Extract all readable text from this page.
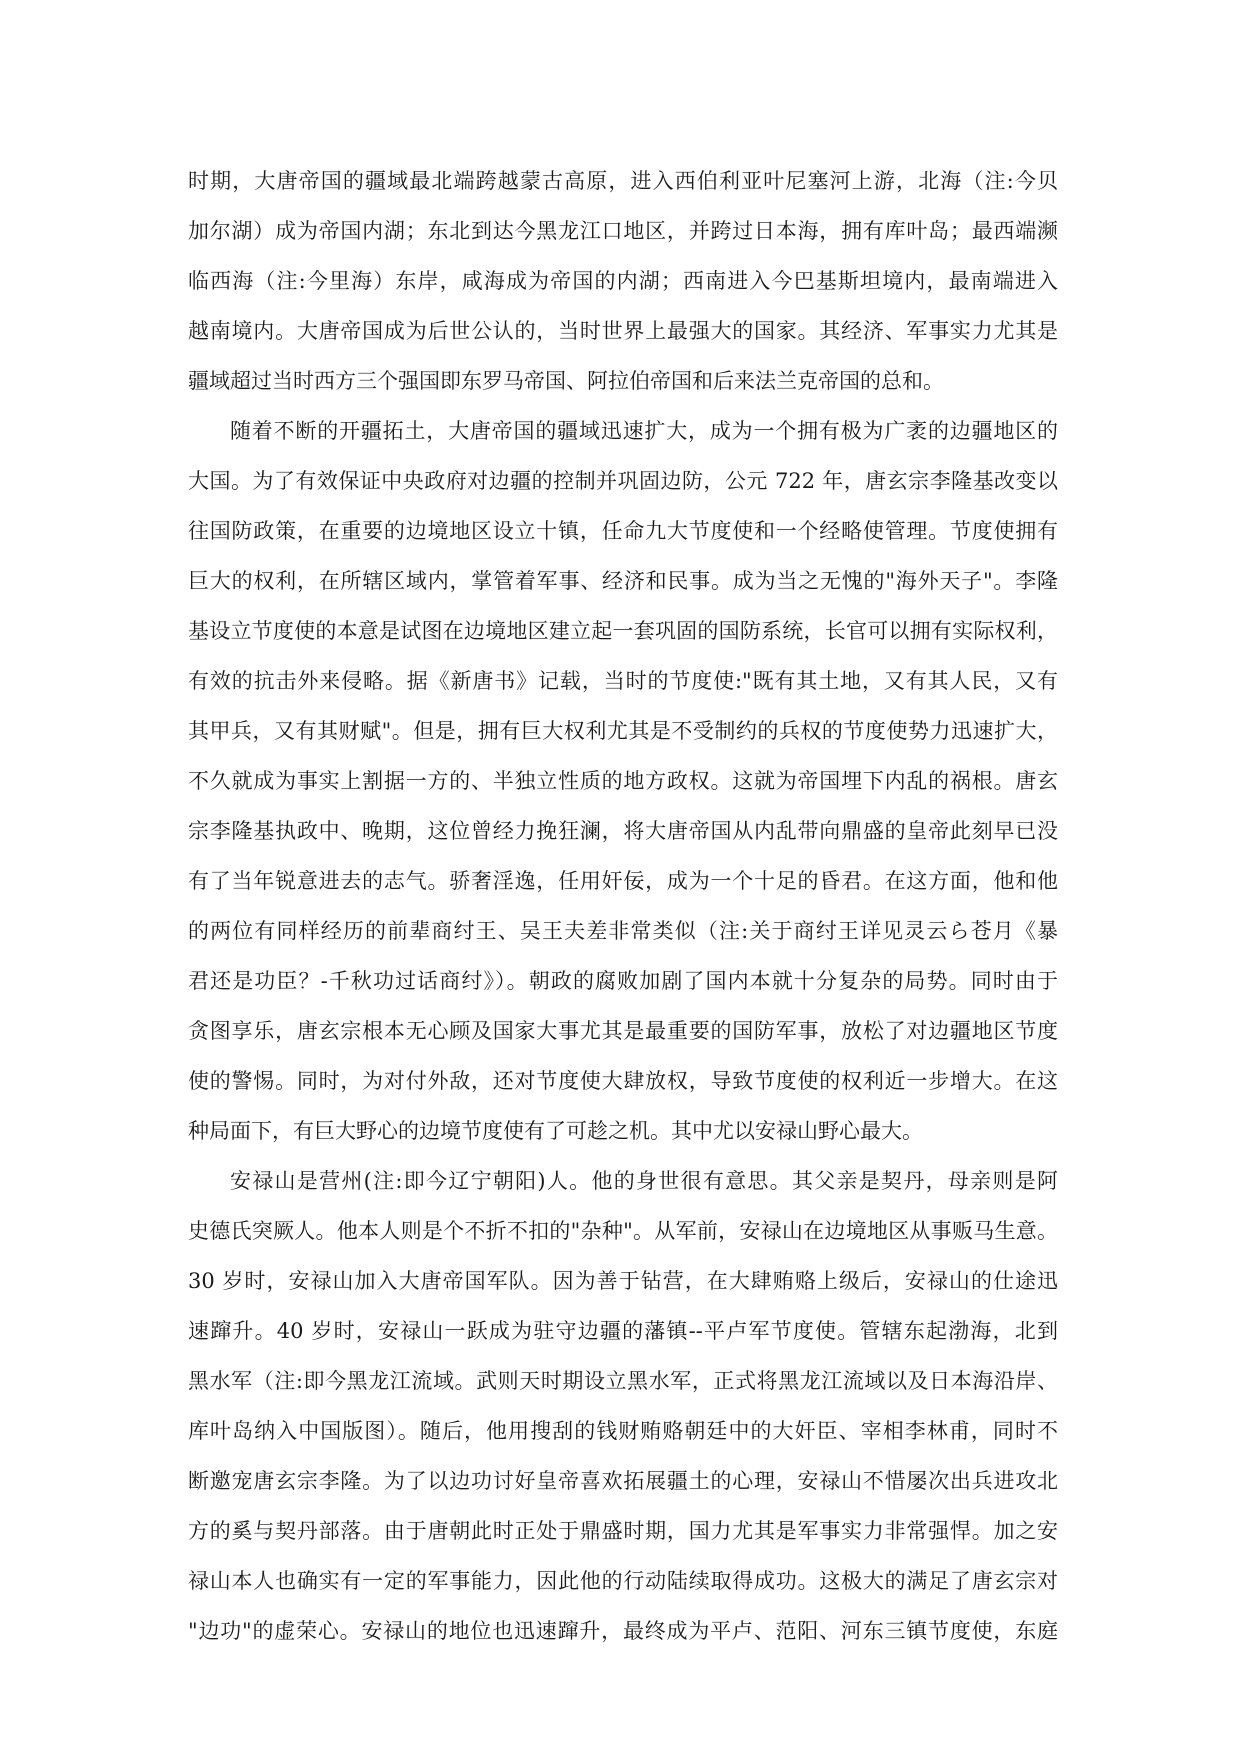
时期，大唐帝国的疆域最北端跨越蒙古高原，进入西伯利亚叶尼塞河上游，北海（注:今贝
加尔湖）成为帝国内湖；东北到达今黑龙江口地区，并跨过日本海，拥有库叶岛；最西端濒
临西海（注:今里海）东岸，咸海成为帝国的内湖；西南进入今巴基斯坦境内，最南端进入
越南境内。大唐帝国成为后世公认的，当时世界上最强大的国家。其经济、军事实力尤其是
疆域超过当时西方三个强国即东罗马帝国、阿拉伯帝国和后来法兰克帝国的总和。
随着不断的开疆拓土，大唐帝国的疆域迅速扩大，成为一个拥有极为广袤的边疆地区的
大国。为了有效保证中央政府对边疆的控制并巩固边防，公元 722 年，唐玄宗李隆基改变以
往国防政策，在重要的边境地区设立十镇，任命九大节度使和一个经略使管理。节度使拥有
巨大的权利，在所辖区域内，掌管着军事、经济和民事。成为当之无愧的"海外天子"。李隆
基设立节度使的本意是试图在边境地区建立起一套巩固的国防系统，长官可以拥有实际权利，
有效的抗击外来侵略。据《新唐书》记载，当时的节度使:"既有其土地，又有其人民，又有
其甲兵，又有其财赋"。但是，拥有巨大权利尤其是不受制约的兵权的节度使势力迅速扩大，
不久就成为事实上割据一方的、半独立性质的地方政权。这就为帝国埋下内乱的祸根。唐玄
宗李隆基执政中、晚期，这位曾经力挽狂澜，将大唐帝国从内乱带向鼎盛的皇帝此刻早已没
有了当年锐意进去的志气。骄奢淫逸，任用奸佞，成为一个十足的昏君。在这方面，他和他
的两位有同样经历的前辈商纣王、吴王夫差非常类似（注:关于商纣王详见灵云ら苍月《暴
君还是功臣？-千秋功过话商纣》）。朝政的腐败加剧了国内本就十分复杂的局势。同时由于
贪图享乐，唐玄宗根本无心顾及国家大事尤其是最重要的国防军事，放松了对边疆地区节度
使的警惕。同时，为对付外敌，还对节度使大肆放权，导致节度使的权利近一步增大。在这
种局面下，有巨大野心的边境节度使有了可趁之机。其中尤以安禄山野心最大。
安禄山是营州(注:即今辽宁朝阳)人。他的身世很有意思。其父亲是契丹，母亲则是阿
史德氏突厥人。他本人则是个不折不扣的"杂种"。从军前，安禄山在边境地区从事贩马生意。
30 岁时，安禄山加入大唐帝国军队。因为善于钻营，在大肆贿赂上级后，安禄山的仕途迅
速蹿升。40 岁时，安禄山一跃成为驻守边疆的藩镇--平卢军节度使。管辖东起渤海，北到
黑水军（注:即今黑龙江流域。武则天时期设立黑水军，正式将黑龙江流域以及日本海沿岸、
库叶岛纳入中国版图）。随后，他用搜刮的钱财贿赂朝廷中的大奸臣、宰相李林甫，同时不
断邀宠唐玄宗李隆。为了以边功讨好皇帝喜欢拓展疆土的心理，安禄山不惜屡次出兵进攻北
方的奚与契丹部落。由于唐朝此时正处于鼎盛时期，国力尤其是军事实力非常强悍。加之安
禄山本人也确实有一定的军事能力，因此他的行动陆续取得成功。这极大的满足了唐玄宗对
"边功"的虚荣心。安禄山的地位也迅速蹿升，最终成为平卢、范阳、河东三镇节度使，东庭
